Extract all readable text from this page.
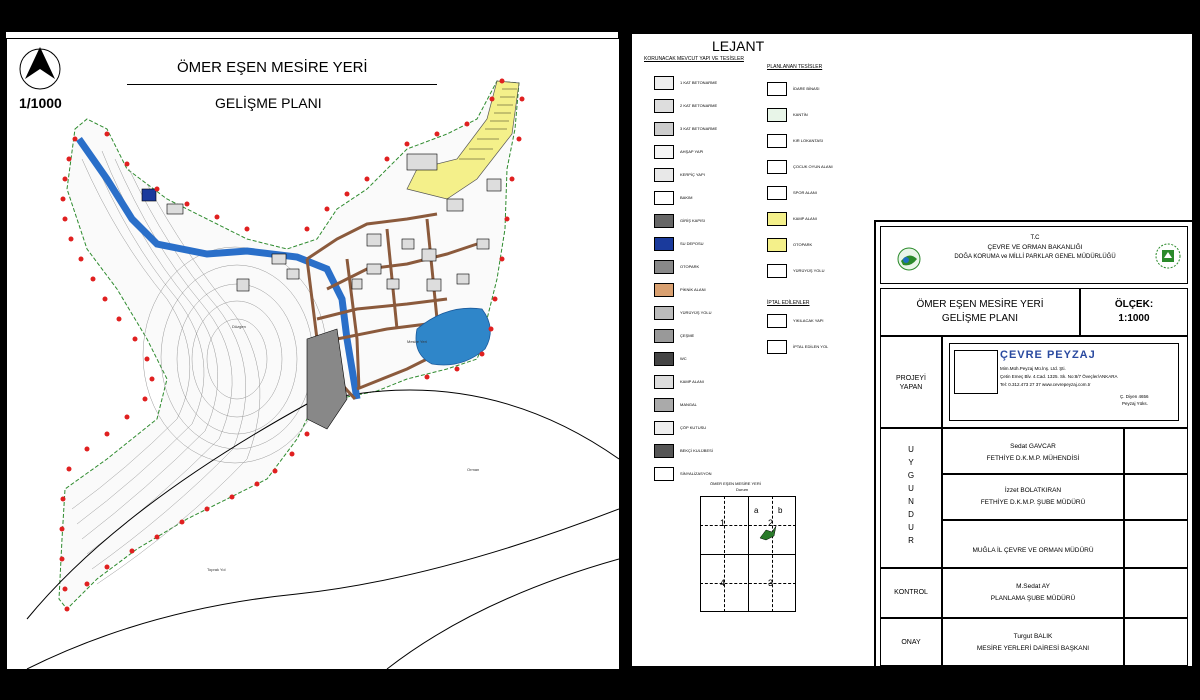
1/1000
ÖMER EŞEN MESİRE YERİ
GELİŞME PLANI
Düzgen
Mesire Yeri
Orman
Toprak Yol
LEJANT
KORUNACAK MEVCUT YAPI VE TESİSLER
1 KAT BETONARME
2 KAT BETONARME
3 KAT BETONARME
AHŞAP YAPI
KERPİÇ YAPI
BAKIM
GİRİŞ KAPISI
SU DEPOSU
OTOPARK
PİKNİK ALANI
YÜRÜYÜŞ YOLU
ÇEŞME
WC
KAMP ALANI
MANGAL
ÇÖP KUTUSU
BEKÇİ KULÜBESİ
SİNYALİZASYON
PLANLANAN TESİSLER
İDARE BİNASI
KANTİN
KIR LOKANTASI
ÇOCUK OYUN ALANI
SPOR ALANI
KAMP ALANI
OTOPARK
YÜRÜYÜŞ YOLU
İPTAL EDİLENLER
YIKILACAK YAPI
İPTAL EDİLEN YOL
ÖMER EŞEN MESİRE YERİ
Durum
1	2
4	3
a b
T.C
ÇEVRE VE ORMAN BAKANLIĞI
DOĞA KORUMA ve MİLLİ PARKLAR GENEL MÜDÜRLÜĞÜ
ÖMER EŞEN MESİRE YERİ
GELİŞME PLANI
ÖLÇEK:
1:1000
PROJEYİ
YAPAN
ÇEVRE PEYZAJ
Mim.Müh.Peyzaj Mü.İnş. Ltd. Şti.
Çetin Emeç Blv. 4.Cad. 1325. Sk. No:8/7 Öveçler/ANKARA
Tel: 0.312.473 27 37 www.cevrepeyzaj.com.tr
Ç. Diyen 4656
Peyzaj Yüks.
U
Y
G
U
N
D
U
R
Sedat GAVCAR
FETHİYE D.K.M.P. MÜHENDİSİ
İzzet BOLATKIRAN
FETHİYE D.K.M.P. ŞUBE MÜDÜRÜ
MUĞLA İL ÇEVRE VE ORMAN MÜDÜRÜ
KONTROL
M.Sedat AY
PLANLAMA ŞUBE MÜDÜRÜ
ONAY
Turgut BALIK
MESİRE YERLERİ DAİRESİ BAŞKANI
